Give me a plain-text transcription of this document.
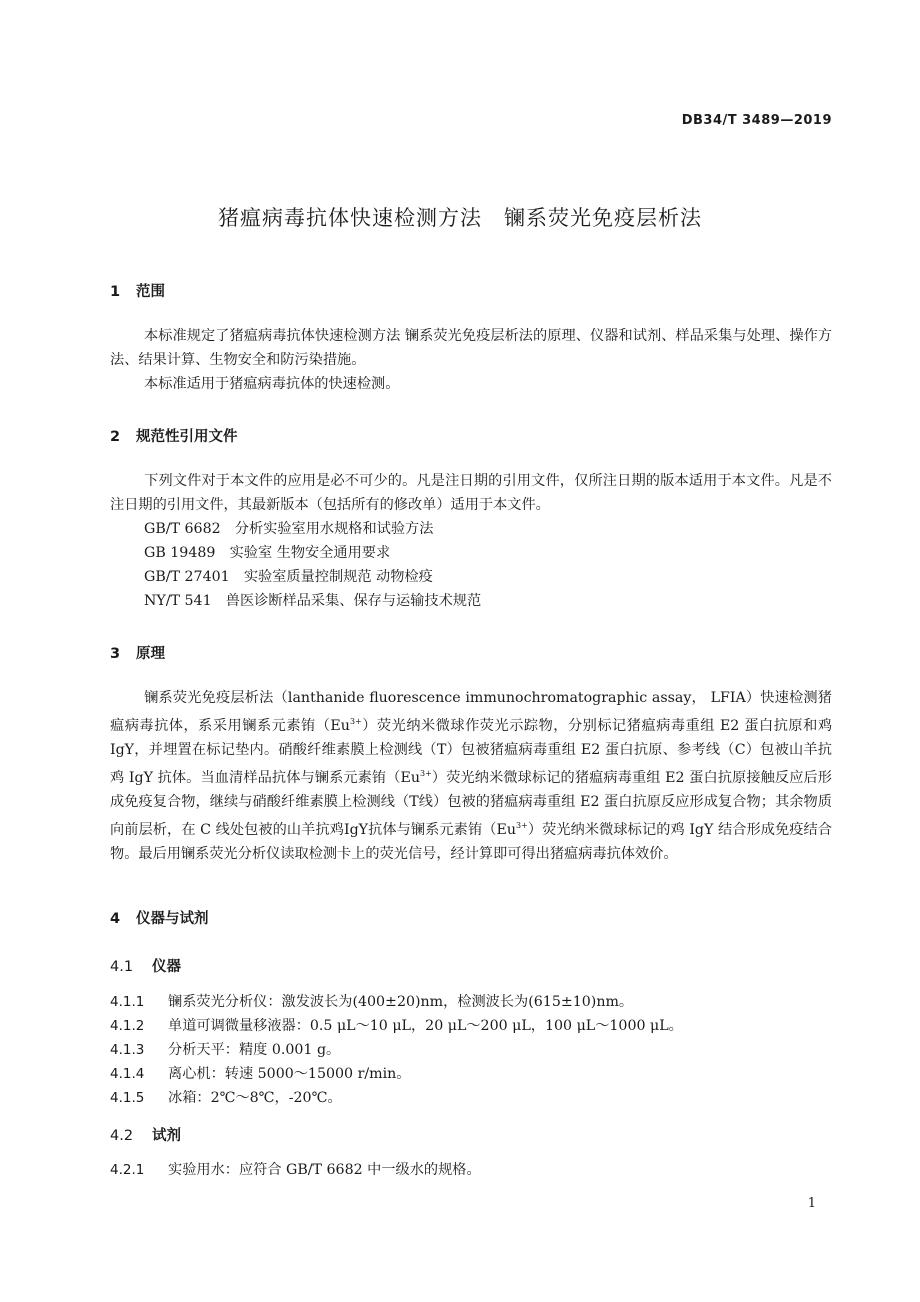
DB34/T 3489—2019
猪瘟病毒抗体快速检测方法　镧系荧光免疫层析法
1 范围
本标准规定了猪瘟病毒抗体快速检测方法 镧系荧光免疫层析法的原理、仪器和试剂、样品采集与处理、操作方法、结果计算、生物安全和防污染措施。
本标准适用于猪瘟病毒抗体的快速检测。
2 规范性引用文件
下列文件对于本文件的应用是必不可少的。凡是注日期的引用文件，仅所注日期的版本适用于本文件。凡是不注日期的引用文件，其最新版本（包括所有的修改单）适用于本文件。
GB/T 6682　分析实验室用水规格和试验方法
GB 19489　实验室 生物安全通用要求
GB/T 27401　实验室质量控制规范 动物检疫
NY/T 541　兽医诊断样品采集、保存与运输技术规范
3 原理
镧系荧光免疫层析法（lanthanide fluorescence immunochromatographic assay， LFIA）快速检测猪瘟病毒抗体，系采用镧系元素铕$(Eu^{3+})$荧光纳米微球作荧光示踪物，分别标记猪瘟病毒重组 E2 蛋白抗原和鸡 IgY，并埋置在标记垫内。硝酸纤维素膜上检测线（T）包被猪瘟病毒重组 E2 蛋白抗原、参考线（C）包被山羊抗鸡 IgY 抗体。当血清样品抗体与镧系元素铕$(Eu^{3+})$荧光纳米微球标记的猪瘟病毒重组 E2 蛋白抗原接触反应后形成免疫复合物，继续与硝酸纤维素膜上检测线（T线）包被的猪瘟病毒重组 E2 蛋白抗原反应形成复合物；其余物质向前层析，在 C 线处包被的山羊抗鸡IgY抗体与镧系元素铕$(Eu^{3+})$荧光纳米微球标记的鸡 IgY 结合形成免疫结合物。最后用镧系荧光分析仪读取检测卡上的荧光信号，经计算即可得出猪瘟病毒抗体效价。
4 仪器与试剂
4.1 仪器
4.1.1 镧系荧光分析仪：激发波长为(400±20)nm，检测波长为(615±10)nm。
4.1.2 单道可调微量移液器：0.5 μL～10 μL，20 μL～200 μL，100 μL～1000 μL。
4.1.3 分析天平：精度 0.001 g。
4.1.4 离心机：转速 5000～15000 r/min。
4.1.5 冰箱：2℃～8℃，-20℃。
4.2 试剂
4.2.1 实验用水：应符合 GB/T 6682 中一级水的规格。
1
